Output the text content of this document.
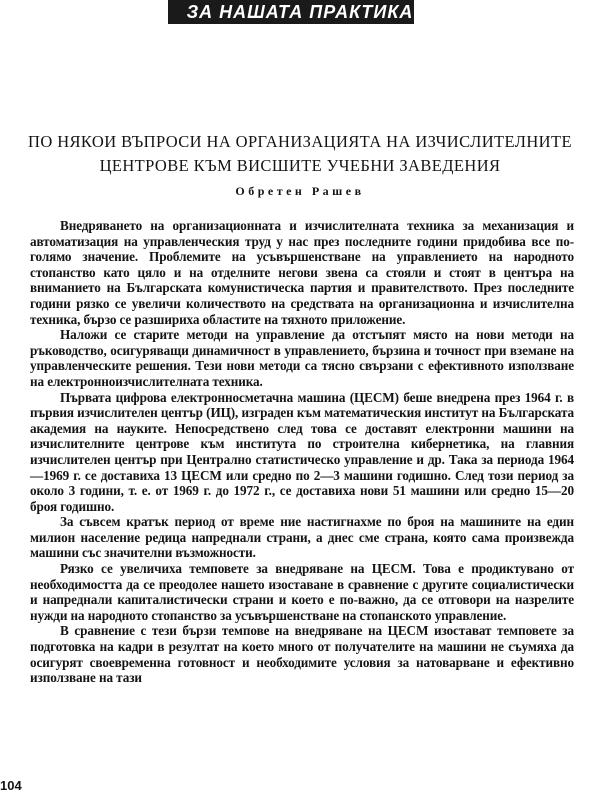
ЗА НАШАТА ПРАКТИКА
ПО НЯКОИ ВЪПРОСИ НА ОРГАНИЗАЦИЯТА НА ИЗЧИСЛИТЕЛНИТЕ ЦЕНТРОВЕ КЪМ ВИСШИТЕ УЧЕБНИ ЗАВЕДЕНИЯ
Обретен Рашев

Внедряването на организационната и изчислителната техника за механизация и автоматизация на управленческия труд у нас през последните години придобива все по-голямо значение. Проблемите на усъвършенстване на управлението на народното стопанство като цяло и на отделните негови звена са стояли и стоят в центъра на вниманието на Българската комунистическа партия и правителството. През последните години рязко се увеличи количеството на средствата на организационна и изчислителна техника, бързо се разшириха областите на тяхното приложение.

Наложи се старите методи на управление да отстъпят място на нови методи на ръководство, осигуряващи динамичност в управлението, бързина и точност при вземане на управленческите решения. Тези нови методи са тясно свързани с ефективното използване на електронноизчислителната техника.

Първата цифрова електронносметачна машина (ЦЕСМ) беше внедрена през 1964 г. в първия изчислителен център (ИЦ), изграден към математическия институт на Българската академия на науките. Непосредствено след това се доставят електронни машини на изчислителните центрове към института по строителна кибернетика, на главния изчислителен център при Централно статистическо управление и др. Така за периода 1964—1969 г. се доставиха 13 ЦЕСМ или средно по 2—3 машини годишно. След този период за около 3 години, т. е. от 1969 г. до 1972 г., се доставиха нови 51 машини или средно 15—20 броя годишно.

За съвсем кратък период от време ние настигнахме по броя на машините на един милион население редица напреднали страни, а днес сме страна, която сама произвежда машини със значителни възможности.

Рязко се увеличиха темповете за внедряване на ЦЕСМ. Това е продиктувано от необходимостта да се преодолее нашето изоставане в сравнение с другите социалистически и напреднали капиталистически страни и което е по-важно, да се отговори на назрелите нужди на народното стопанство за усъвършенстване на стопанското управление.

В сравнение с тези бързи темпове на внедряване на ЦЕСМ изостават темповете за подготовка на кадри в резултат на което много от получателите на машини не съумяха да осигурят своевременна готовност и необходимите условия за натоварване и ефективно използване на тази

104
